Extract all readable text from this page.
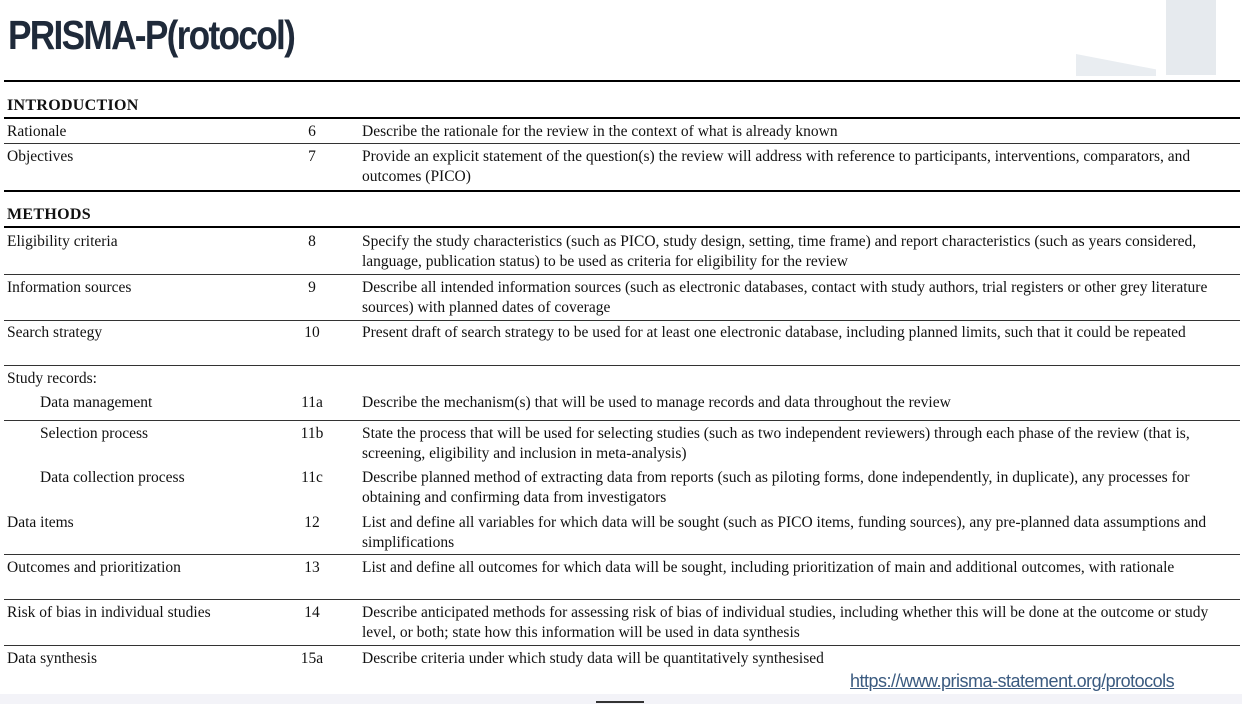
PRISMA-P(rotocol)
INTRODUCTION
Rationale	6	Describe the rationale for the review in the context of what is already known
Objectives	7	Provide an explicit statement of the question(s) the review will address with reference to participants, interventions, comparators, and outcomes (PICO)
METHODS
Eligibility criteria	8	Specify the study characteristics (such as PICO, study design, setting, time frame) and report characteristics (such as years considered, language, publication status) to be used as criteria for eligibility for the review
Information sources	9	Describe all intended information sources (such as electronic databases, contact with study authors, trial registers or other grey literature sources) with planned dates of coverage
Search strategy	10	Present draft of search strategy to be used for at least one electronic database, including planned limits, such that it could be repeated
Study records:
Data management	11a	Describe the mechanism(s) that will be used to manage records and data throughout the review
Selection process	11b	State the process that will be used for selecting studies (such as two independent reviewers) through each phase of the review (that is, screening, eligibility and inclusion in meta-analysis)
Data collection process	11c	Describe planned method of extracting data from reports (such as piloting forms, done independently, in duplicate), any processes for obtaining and confirming data from investigators
Data items	12	List and define all variables for which data will be sought (such as PICO items, funding sources), any pre-planned data assumptions and simplifications
Outcomes and prioritization	13	List and define all outcomes for which data will be sought, including prioritization of main and additional outcomes, with rationale
Risk of bias in individual studies	14	Describe anticipated methods for assessing risk of bias of individual studies, including whether this will be done at the outcome or study level, or both; state how this information will be used in data synthesis
Data synthesis	15a	Describe criteria under which study data will be quantitatively synthesised
https://www.prisma-statement.org/protocols
